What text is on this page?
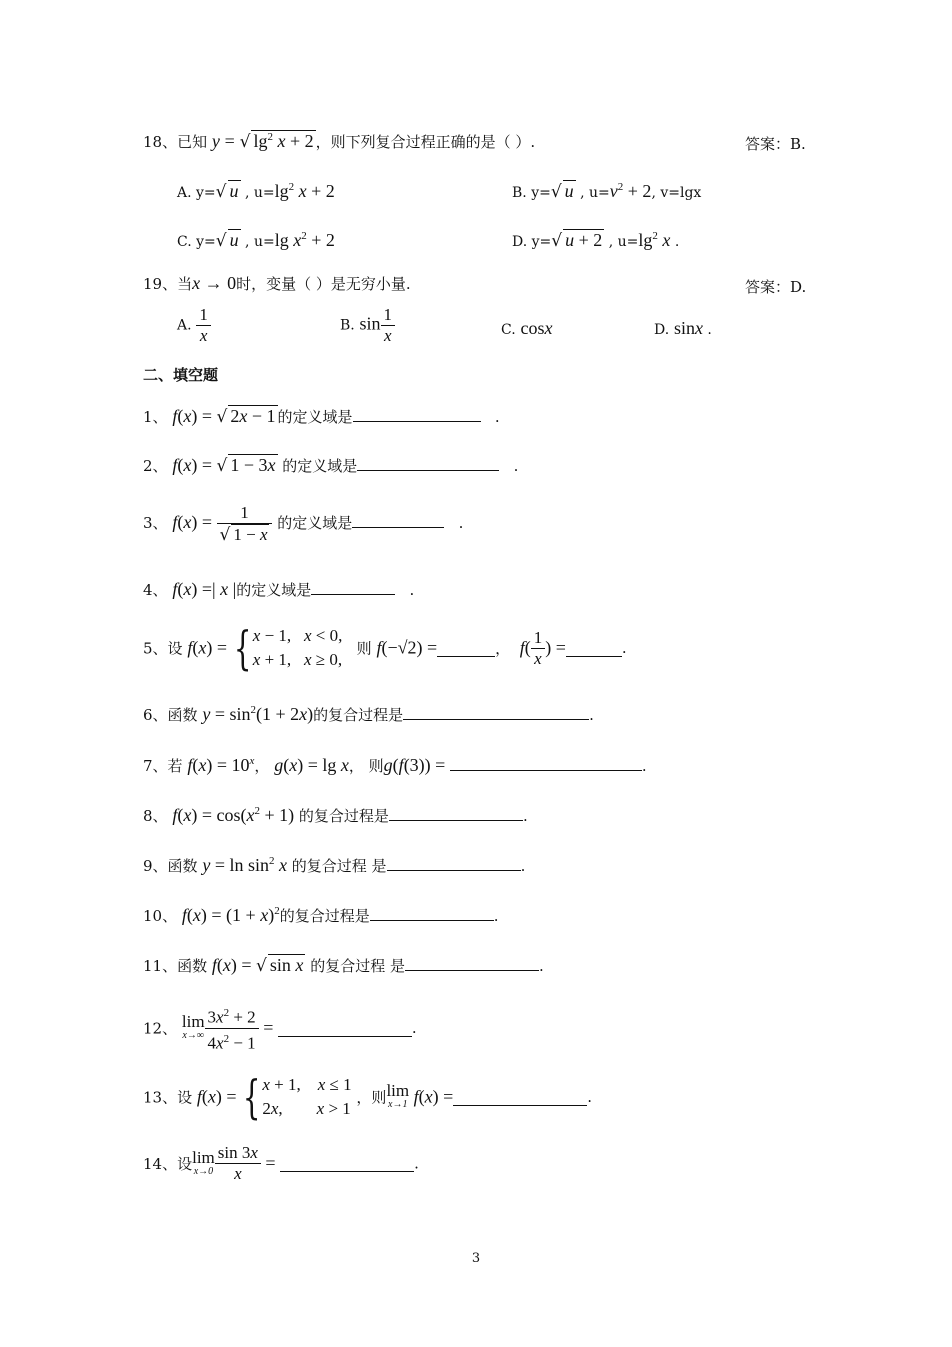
18、已知 y = √ $\lg^2 x + 2$ ，则下列复合过程正确的是（ ）.	答案：B.
A. y=√ u , $u=\lg^2$ x + 2	B. y=√ u , $u=v^2 + 2$, v=lgx
C. y=√ u , u=lg $x^2 + 2$	D. y=√ u + 2 , $u=\lg^2$ x .
19、当x → 0时，变量（ ）是无穷小量.	答案：D.
A. $\frac{1}{x}$	B. $\sin \frac{1}{x}$	C. cosx	D. sinx .
二、填空题
1、 f(x) = √ 2x − 1 的定义域是	.
2、 f(x) = √ 1 − 3x 的定义域是	.
3、 $f(x) = \frac{1}{√ 1 - x}$ 的定义域是	.
4、 f(x) =| x |的定义域是	.
5、设 f(x) = { x − 1,   x < 0,
x + 1,   x ≥ 0,   则 f(−√2) =	， $f( \frac{1}{x}$ ) =	.
6、函数 $y = \sin^2(1 + 2x)$的复合过程是	.
7、若 $f(x) = 10^x$， g(x) = lg x， 则g(f(3)) =	.
8、 $f(x) = \cos(x^2 + 1)$ 的复合过程是	.
9、函数 $y = \ln \sin^2 x$ 的复合过程 是	.
10、 $f(x) = (1 + x)^2$的复合过程是	.
11、函数 f(x) = √ sin x 的复合过程 是	.
12、 lim
$x\to\infty \frac{3x^2 + 2}{4x^2 - 1}$ =	.
13、设 f(x) = { x + 1,    x ≤ 1
2x,        x > 1 ，则 lim
x→1 f(x) =	.
14、设 lim
$x\to 0 \frac{\sin 3x}{x}$ =	.
3
